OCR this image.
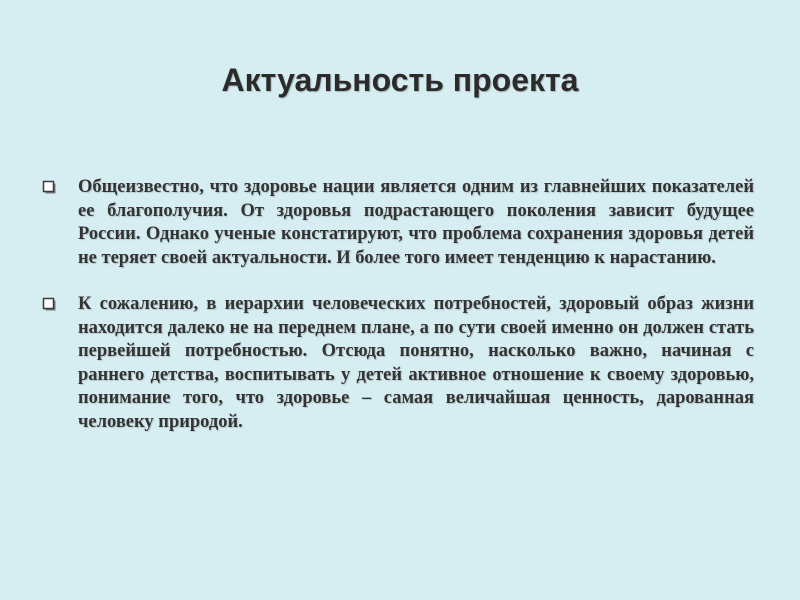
Актуальность проекта
Общеизвестно, что здоровье нации является одним из главнейших показателей ее благополучия. От здоровья подрастающего поколения зависит будущее России. Однако ученые констатируют, что проблема сохранения здоровья детей не теряет своей актуальности. И более того имеет тенденцию к нарастанию.
К сожалению, в иерархии человеческих потребностей, здоровый образ жизни находится далеко не на переднем плане, а по сути своей именно он должен стать первейшей потребностью. Отсюда понятно, насколько важно, начиная с раннего детства, воспитывать у детей активное отношение к своему здоровью, понимание того, что здоровье – самая величайшая ценность, дарованная человеку природой.
